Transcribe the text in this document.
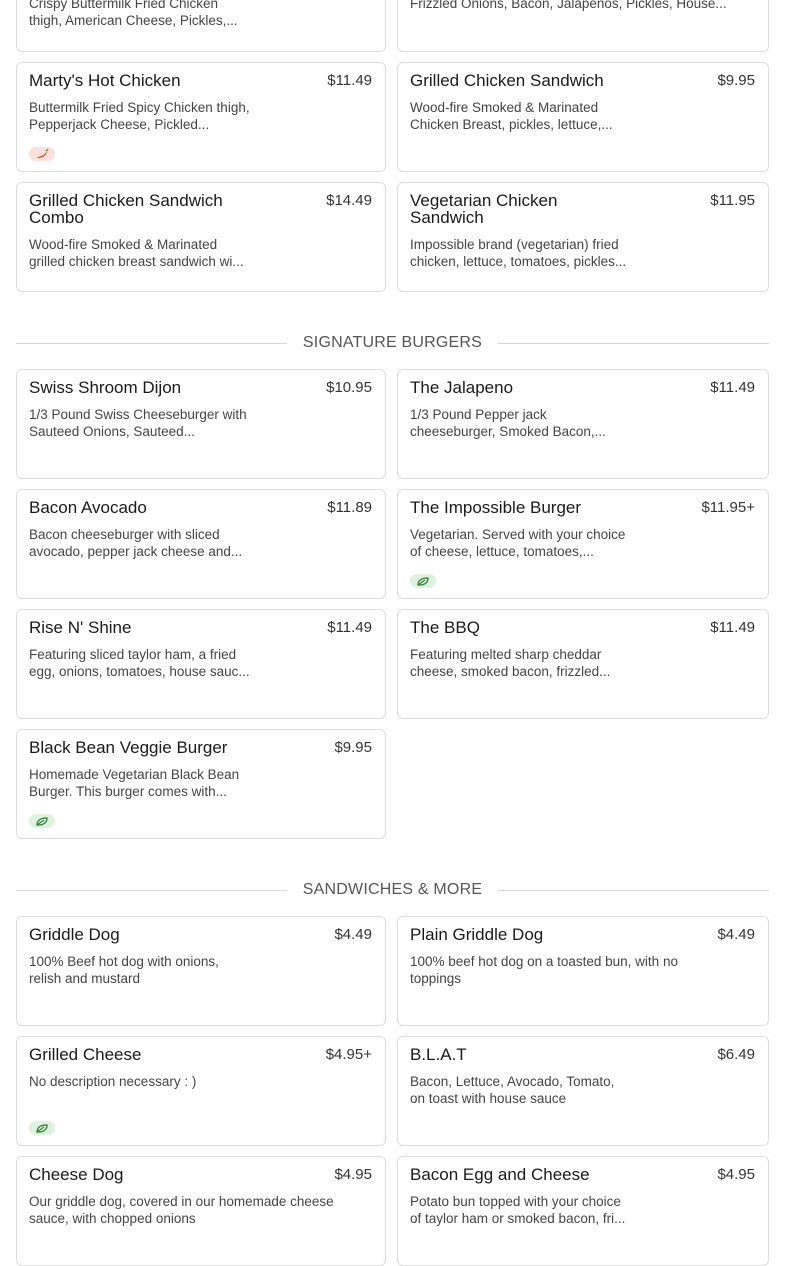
Crispy Buttermilk Fried Chicken
thigh, American Cheese, Pickles,...
Frizzled Onions, Bacon, Jalapenos, Pickles, House...
Marty's Hot Chicken	$11.49
Buttermilk Fried Spicy Chicken thigh,
Pepperjack Cheese, Pickled...
Grilled Chicken Sandwich	$9.95
Wood-fire Smoked & Marinated
Chicken Breast, pickles, lettuce,...
Grilled Chicken Sandwich Combo
$14.49
Wood-fire Smoked & Marinated
grilled chicken breast sandwich wi...
Vegetarian Chicken Sandwich
$11.95
Impossible brand (vegetarian) fried
chicken, lettuce, tomatoes, pickles...
SIGNATURE BURGERS
Swiss Shroom Dijon	$10.95
1/3 Pound Swiss Cheeseburger with
Sauteed Onions, Sauteed...
The Jalapeno	$11.49
1/3 Pound Pepper jack
cheeseburger, Smoked Bacon,...
Bacon Avocado	$11.89
Bacon cheeseburger with sliced
avocado, pepper jack cheese and...
The Impossible Burger	$11.95+
Vegetarian. Served with your choice
of cheese, lettuce, tomatoes,...
Rise N' Shine	$11.49
Featuring sliced taylor ham, a fried
egg, onions, tomatoes, house sauc...
The BBQ	$11.49
Featuring melted sharp cheddar
cheese, smoked bacon, frizzled...
Black Bean Veggie Burger	$9.95
Homemade Vegetarian Black Bean
Burger. This burger comes with...
SANDWICHES & MORE
Griddle Dog	$4.49
100% Beef hot dog with onions,
relish and mustard
Plain Griddle Dog	$4.49
100% beef hot dog on a toasted bun, with no
toppings
Grilled Cheese	$4.95+
No description necessary : )
B.L.A.T	$6.49
Bacon, Lettuce, Avocado, Tomato,
on toast with house sauce
Cheese Dog	$4.95
Our griddle dog, covered in our homemade cheese
sauce, with chopped onions
Bacon Egg and Cheese	$4.95
Potato bun topped with your choice
of taylor ham or smoked bacon, fri...
